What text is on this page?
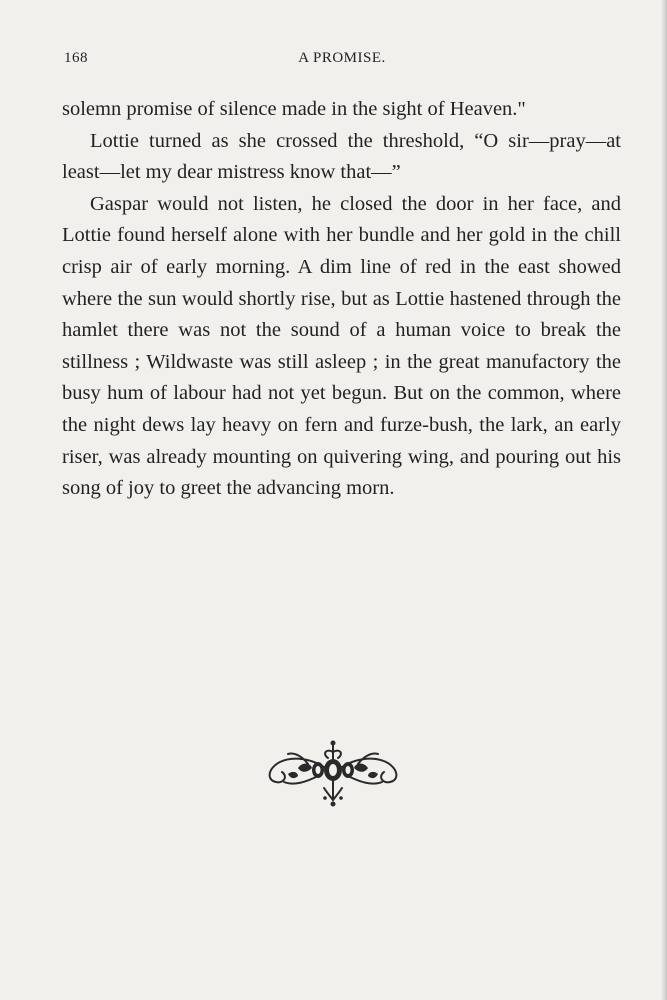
168	A PROMISE.

solemn promise of silence made in the sight of Heaven."

Lottie turned as she crossed the threshold, “O sir—pray—at least—let my dear mistress know that—”

Gaspar would not listen, he closed the door in her face, and Lottie found herself alone with her bundle and her gold in the chill crisp air of early morning. A dim line of red in the east showed where the sun would shortly rise, but as Lottie hastened through the hamlet there was not the sound of a human voice to break the stillness ; Wildwaste was still asleep ; in the great manufactory the busy hum of labour had not yet begun. But on the common, where the night dews lay heavy on fern and furze-bush, the lark, an early riser, was already mounting on quivering wing, and pouring out his song of joy to greet the advancing morn.
